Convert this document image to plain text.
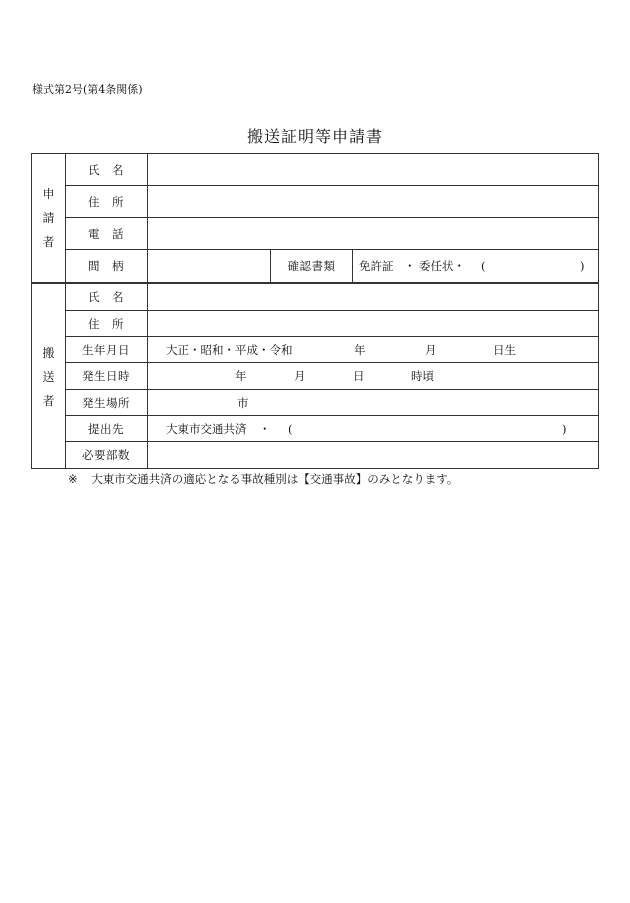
様式第2号(第4条関係)
搬送証明等申請書
申
請
者
氏　名
住　所
電　話
間　柄	確認書類	免許証 ・ 委任状・ (	)
搬
送
者
氏　名
住　所
生年月日	大正・昭和・平成・令和	年	月	日生
発生日時	年	月	日	時頃
発生場所	市
提出先	大東市交通共済 ・ (	)
必要部数
※ 大東市交通共済の適応となる事故種別は【交通事故】のみとなります。
